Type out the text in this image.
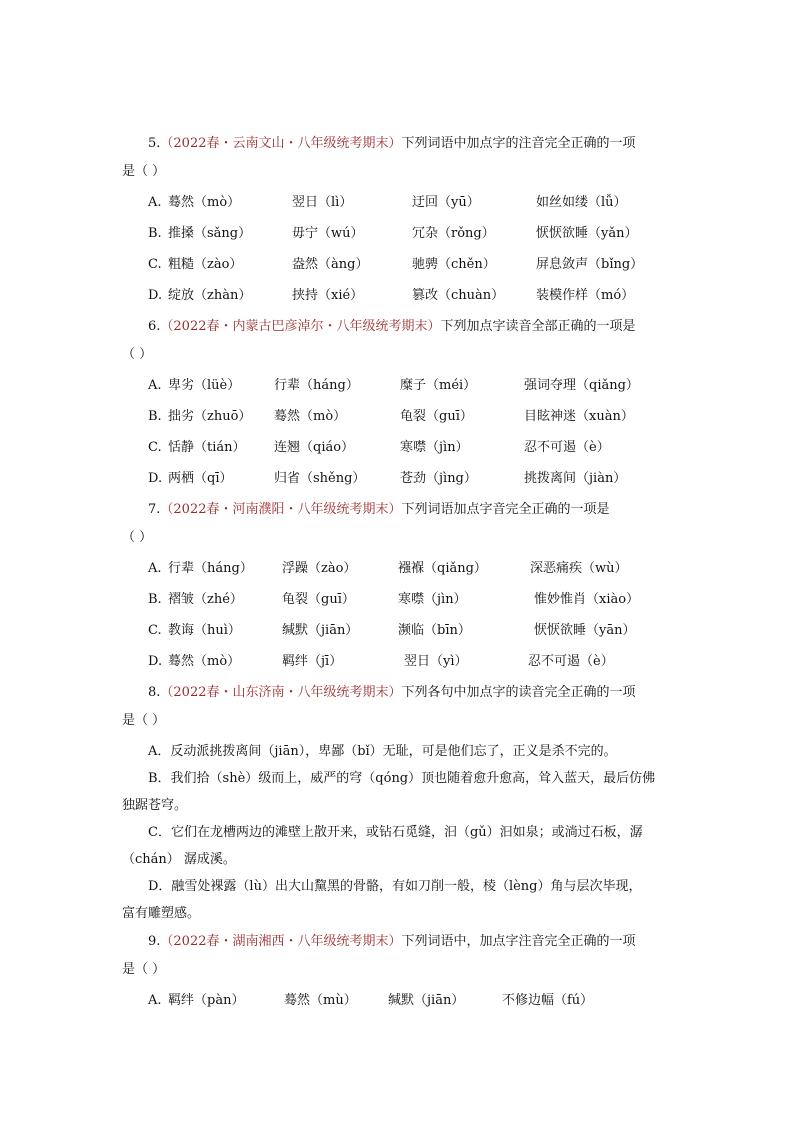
5.（2022春・云南文山・八年级统考期末）下列词语中加点字的注音完全正确的一项
是（ ）
A. 蓦然（mò）	翌日（lì）	迂回（yū）	如丝如缕（lǚ）
B. 推搡（sǎng）	毋宁（wú）	冗杂（rǒng）	恹恹欲睡（yǎn）
C. 粗糙（zào）	盎然（àng）	驰骋（chěn）	屏息敛声（bǐng）
D. 绽放（zhàn）	挟持（xié）	篡改（chuàn） 装模作样（mó）
6.（2022春・内蒙古巴彦淖尔・八年级统考期末）下列加点字读音全部正确的一项是
（ ）
A. 卑劣（lüè）	行辈（háng）	糜子（méi）	强词夺理（qiǎng）
B. 拙劣（zhuō） 蓦然（mò）	龟裂（guī）	目眩神迷（xuàn）
C. 恬静（tián） 连翘（qiáo）	寒噤（jìn）	忍不可遏（è）
D. 两栖（qī）	归省（shěng）	苍劲（jìng）	挑拨离间（jiàn）
7.（2022春・河南濮阳・八年级统考期末）下列词语加点字音完全正确的一项是
（ ）
A. 行辈（háng） 浮躁（zào）	襁褓（qiǎng）	深恶痛疾（wù）
B. 褶皱（zhé）	龟裂（guī）	寒噤（jìn）	惟妙惟肖（xiào）
C. 教诲（huì）	缄默（jiān）	濒临（bīn）	恹恹欲睡（yān）
D. 蓦然（mò）	羁绊（jī）	翌日（yì）	忍不可遏（è）
8.（2022春・山东济南・八年级统考期末）下列各句中加点字的读音完全正确的一项
是（ ）
A．反动派挑拨离间（jiān），卑鄙（bǐ）无耻，可是他们忘了，正义是杀不完的。
B．我们拾（shè）级而上，威严的穹（qóng）顶也随着愈升愈高，耸入蓝天，最后仿佛
独踞苍穹。
C．它们在龙槽两边的滩壁上散开来，或钻石觅缝，汩（gǔ）汩如泉；或淌过石板，潺
（chán） 潺成溪。
D．融雪处裸露（lù）出大山黧黑的骨骼，有如刀削一般，棱（lèng）角与层次毕现，
富有雕塑感。
9.（2022春・湖南湘西・八年级统考期末）下列词语中，加点字注音完全正确的一项
是（ ）
A. 羁绊（pàn）	蓦然（mù） 缄默（jiān）	不修边幅（fú）
